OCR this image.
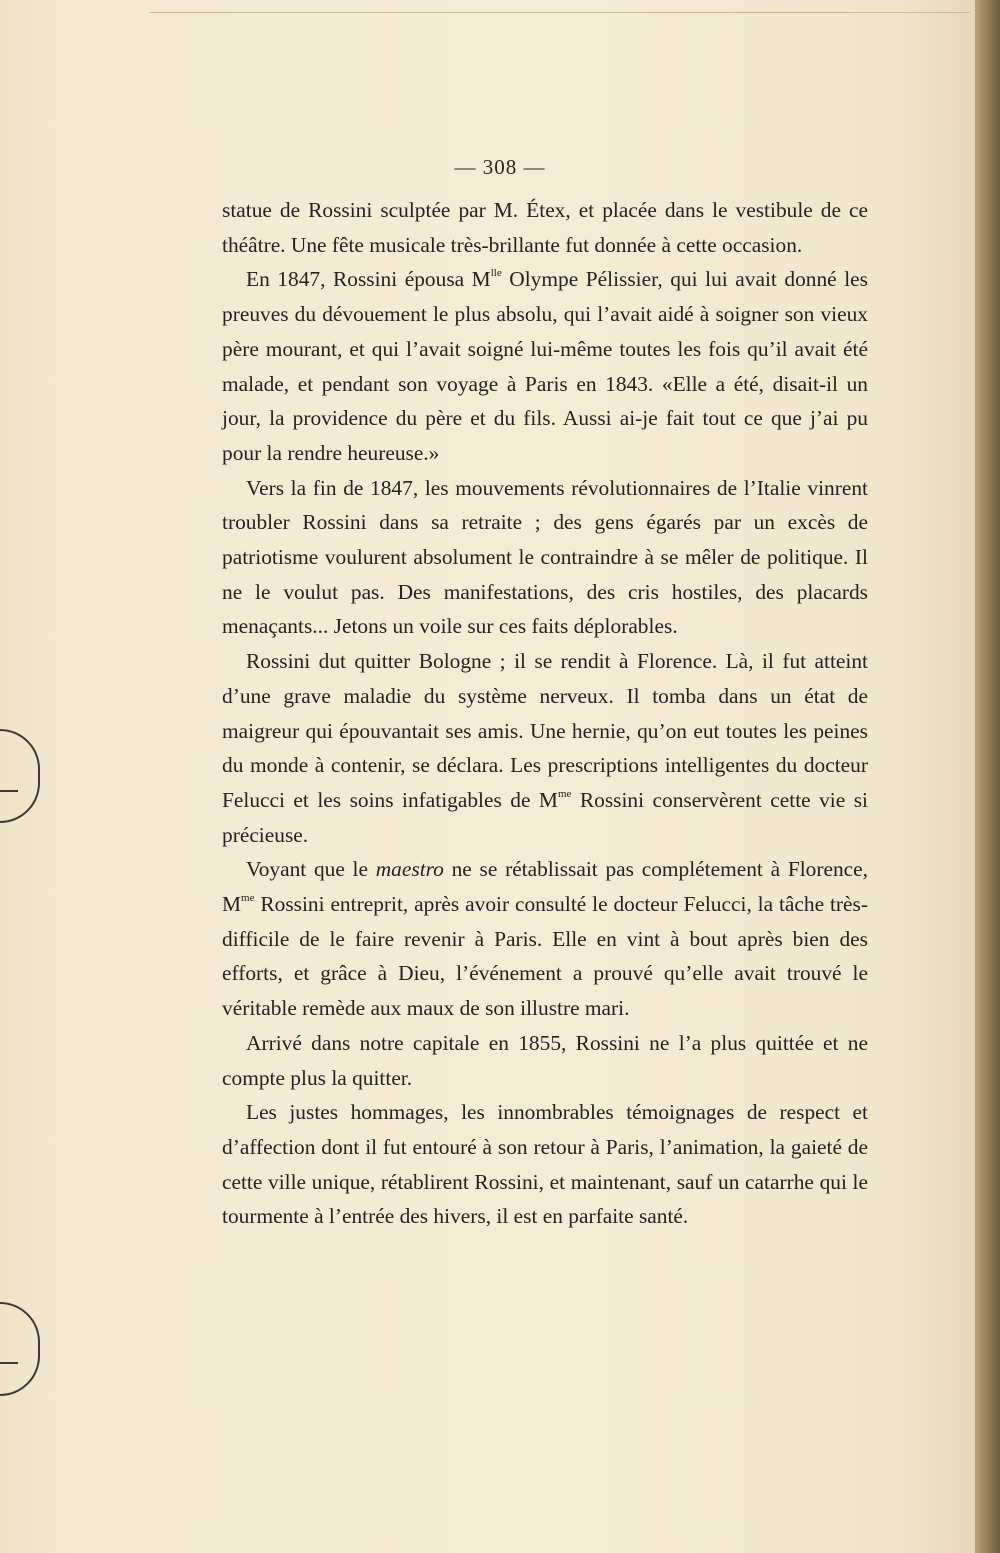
— 308 —

statue de Rossini sculptée par M. Étex, et placée dans le vestibule de ce théâtre. Une fête musicale très-brillante fut donnée à cette occasion.

En 1847, Rossini épousa $M^{lle}$ Olympe Pélissier, qui lui avait donné les preuves du dévouement le plus absolu, qui l’avait aidé à soigner son vieux père mourant, et qui l’avait soigné lui-même toutes les fois qu’il avait été malade, et pendant son voyage à Paris en 1843. «Elle a été, disait-il un jour, la providence du père et du fils. Aussi ai-je fait tout ce que j’ai pu pour la rendre heureuse.»

Vers la fin de 1847, les mouvements révolutionnaires de l’Italie vinrent troubler Rossini dans sa retraite ; des gens égarés par un excès de patriotisme voulurent absolument le contraindre à se mêler de politique. Il ne le voulut pas. Des manifestations, des cris hostiles, des placards menaçants... Jetons un voile sur ces faits déplorables.

Rossini dut quitter Bologne ; il se rendit à Florence. Là, il fut atteint d’une grave maladie du système nerveux. Il tomba dans un état de maigreur qui épouvantait ses amis. Une hernie, qu’on eut toutes les peines du monde à contenir, se déclara. Les prescriptions intelligentes du docteur Felucci et les soins infatigables de $M^{me}$ Rossini conservèrent cette vie si précieuse.

Voyant que le maestro ne se rétablissait pas complétement à Florence, $M^{me}$ Rossini entreprit, après avoir consulté le docteur Felucci, la tâche très-difficile de le faire revenir à Paris. Elle en vint à bout après bien des efforts, et grâce à Dieu, l’événement a prouvé qu’elle avait trouvé le véritable remède aux maux de son illustre mari.

Arrivé dans notre capitale en 1855, Rossini ne l’a plus quittée et ne compte plus la quitter.

Les justes hommages, les innombrables témoignages de respect et d’affection dont il fut entouré à son retour à Paris, l’animation, la gaieté de cette ville unique, rétablirent Rossini, et maintenant, sauf un catarrhe qui le tourmente à l’entrée des hivers, il est en parfaite santé.
